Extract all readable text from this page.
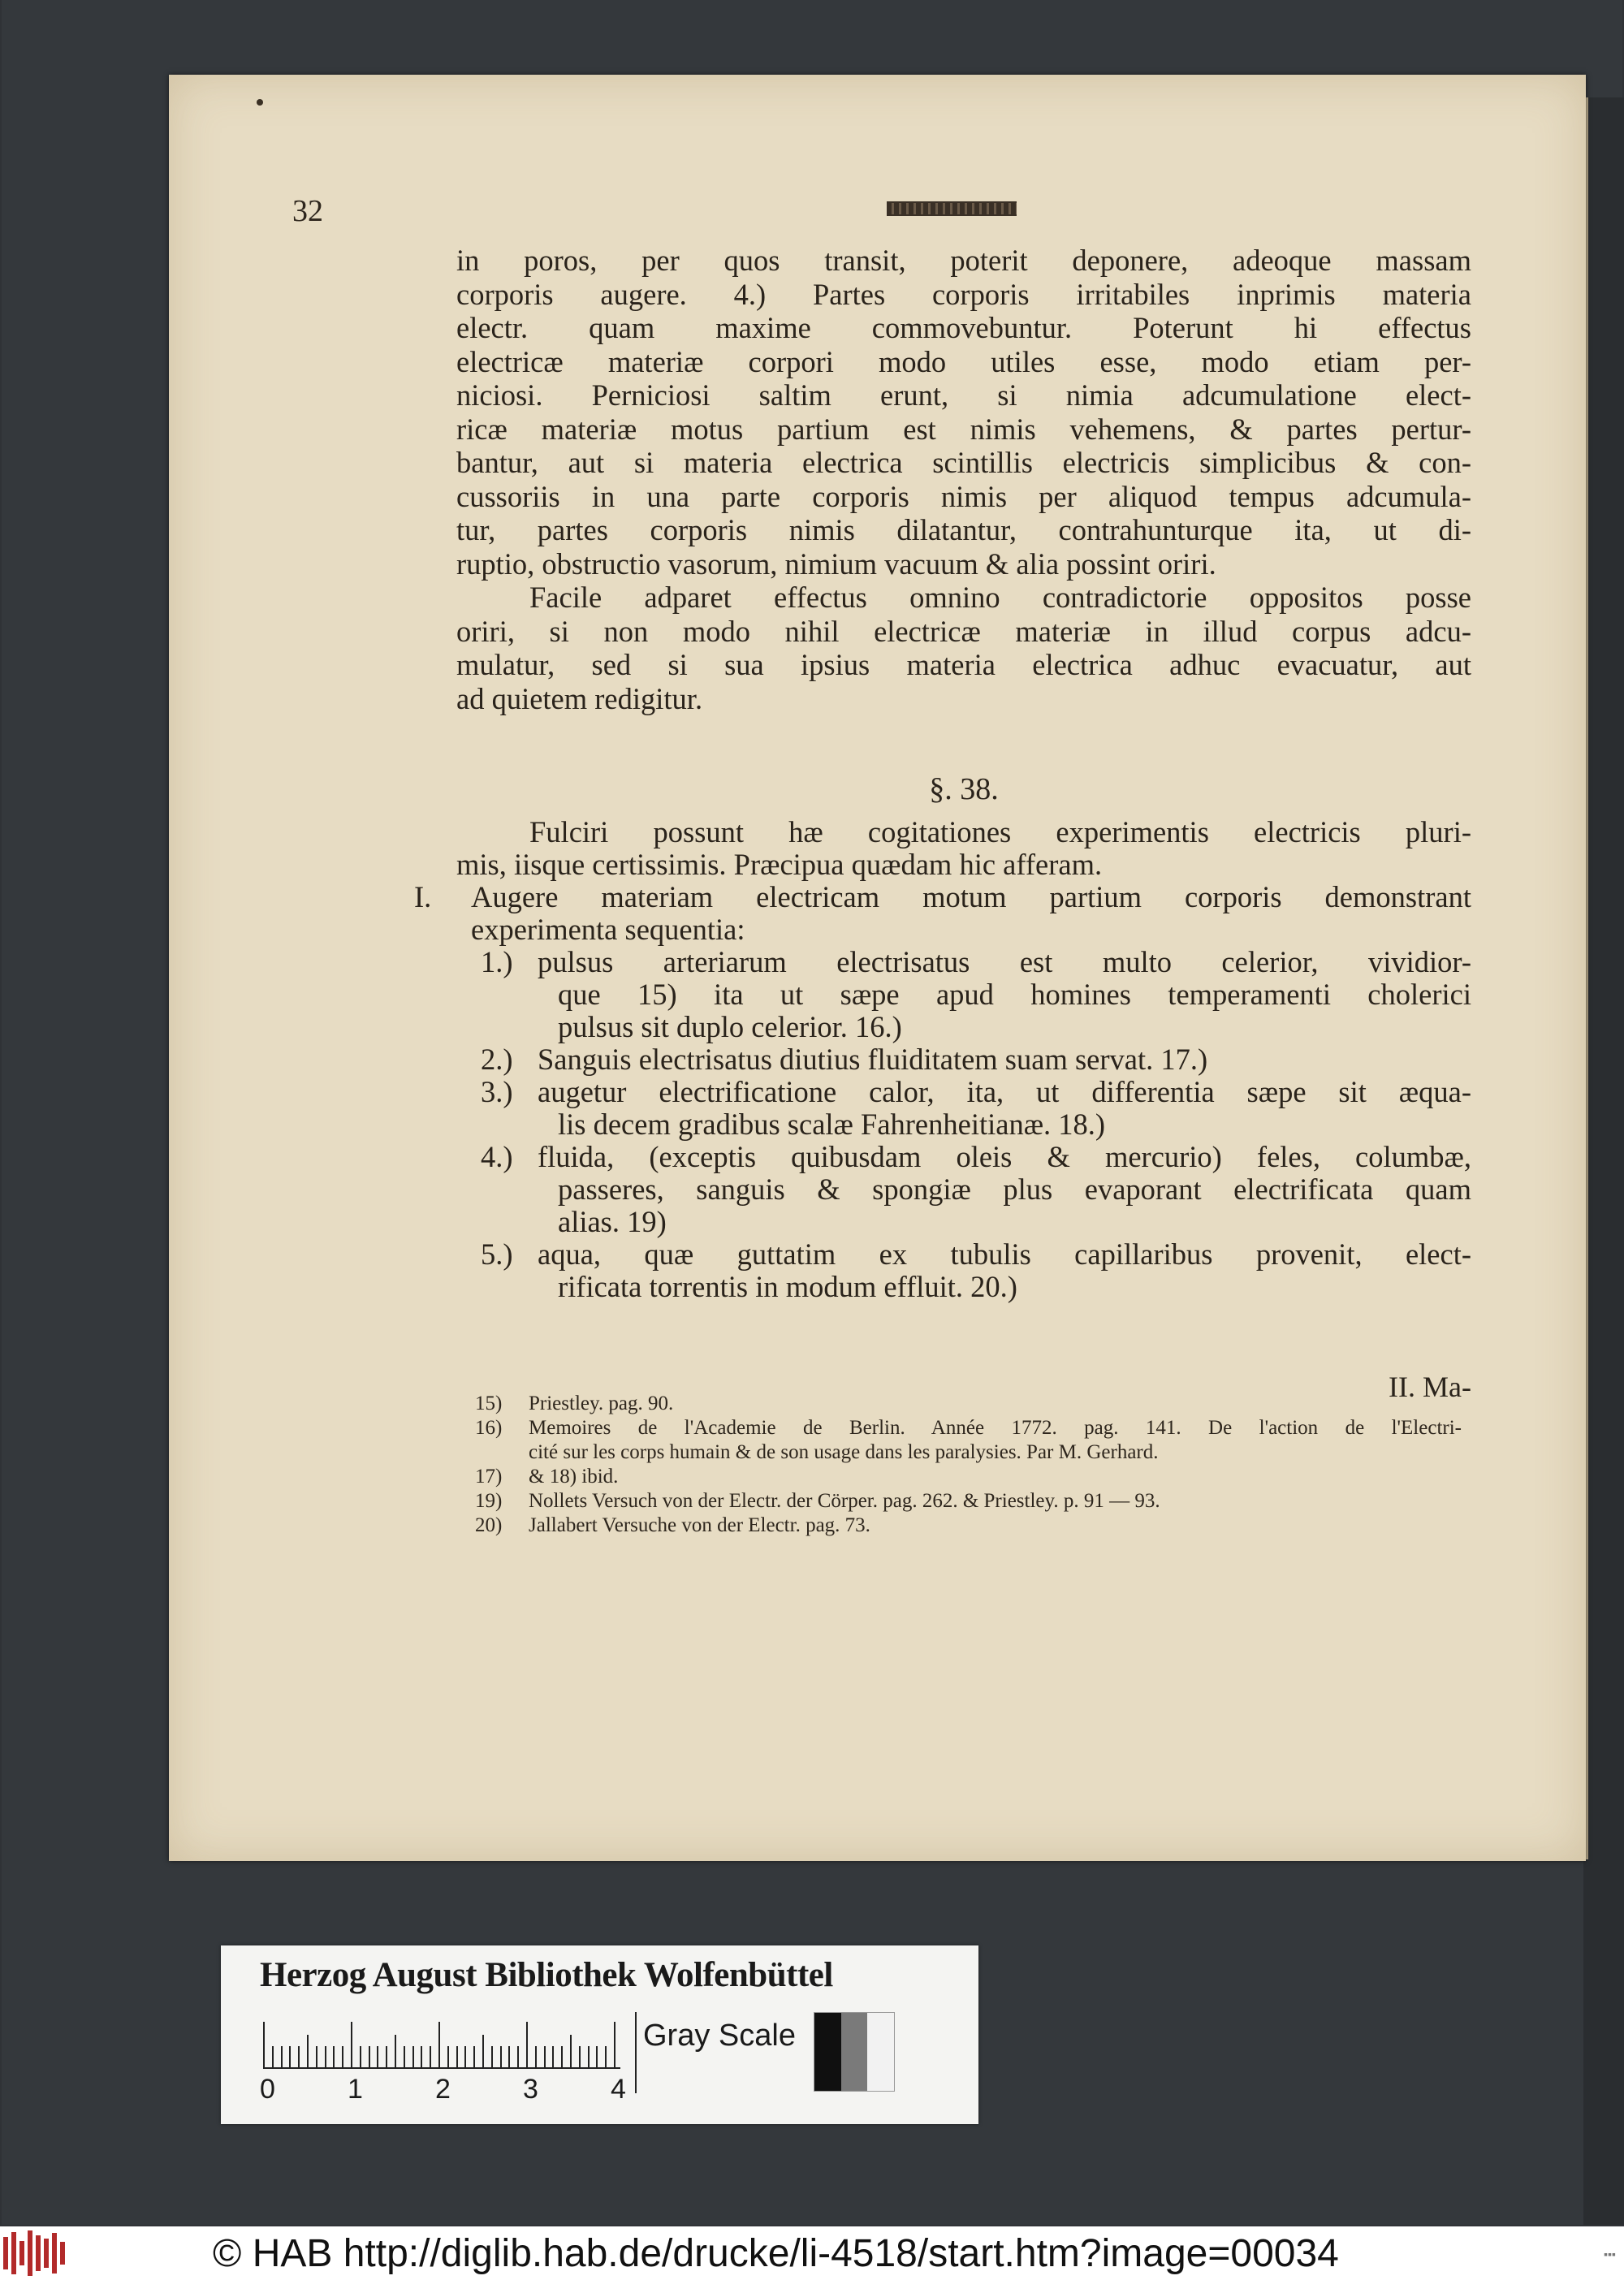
32
in poros, per quos transit, poterit deponere, adeoque massam
corporis augere. 4.) Partes corporis irritabiles inprimis materia
electr. quam maxime commovebuntur. Poterunt hi effectus
electricæ materiæ corpori modo utiles esse, modo etiam per-
niciosi. Perniciosi saltim erunt, si nimia adcumulatione elect-
ricæ materiæ motus partium est nimis vehemens, & partes pertur-
bantur, aut si materia electrica scintillis electricis simplicibus & con-
cussoriis in una parte corporis nimis per aliquod tempus adcumula-
tur, partes corporis nimis dilatantur, contrahunturque ita, ut di-
ruptio, obstructio vasorum, nimium vacuum & alia possint oriri.
Facile adparet effectus omnino contradictorie oppositos posse
oriri, si non modo nihil electricæ materiæ in illud corpus adcu-
mulatur, sed si sua ipsius materia electrica adhuc evacuatur, aut
ad quietem redigitur.
§. 38.
Fulciri possunt hæ cogitationes experimentis electricis pluri-
mis, iisque certissimis. Præcipua quædam hic afferam.
I. Augere materiam electricam motum partium corporis demonstrant
experimenta sequentia:
1.) pulsus arteriarum electrisatus est multo celerior, vividior-
que 15) ita ut sæpe apud homines temperamenti cholerici
pulsus sit duplo celerior. 16.)
2.) Sanguis electrisatus diutius fluiditatem suam servat. 17.)
3.) augetur electrificatione calor, ita, ut differentia sæpe sit æqua-
lis decem gradibus scalæ Fahrenheitianæ. 18.)
4.) fluida, (exceptis quibusdam oleis & mercurio) feles, columbæ,
passeres, sanguis & spongiæ plus evaporant electrificata quam
alias. 19)
5.) aqua, quæ guttatim ex tubulis capillaribus provenit, elect-
rificata torrentis in modum effluit. 20.)
II. Ma-
15) Priestley. pag. 90.
16) Memoires de l'Academie de Berlin. Année 1772. pag. 141. De l'action de l'Electri-
cité sur les corps humain & de son usage dans les paralysies. Par M. Gerhard.
17) & 18) ibid.
19) Nollets Versuch von der Electr. der Cörper. pag. 262. & Priestley. p. 91 — 93.
20) Jallabert Versuche von der Electr. pag. 73.
Herzog August Bibliothek Wolfenbüttel
0	1	2	3	4
Gray Scale
© HAB http://diglib.hab.de/drucke/li-4518/start.htm?image=00034	▪▪▪
